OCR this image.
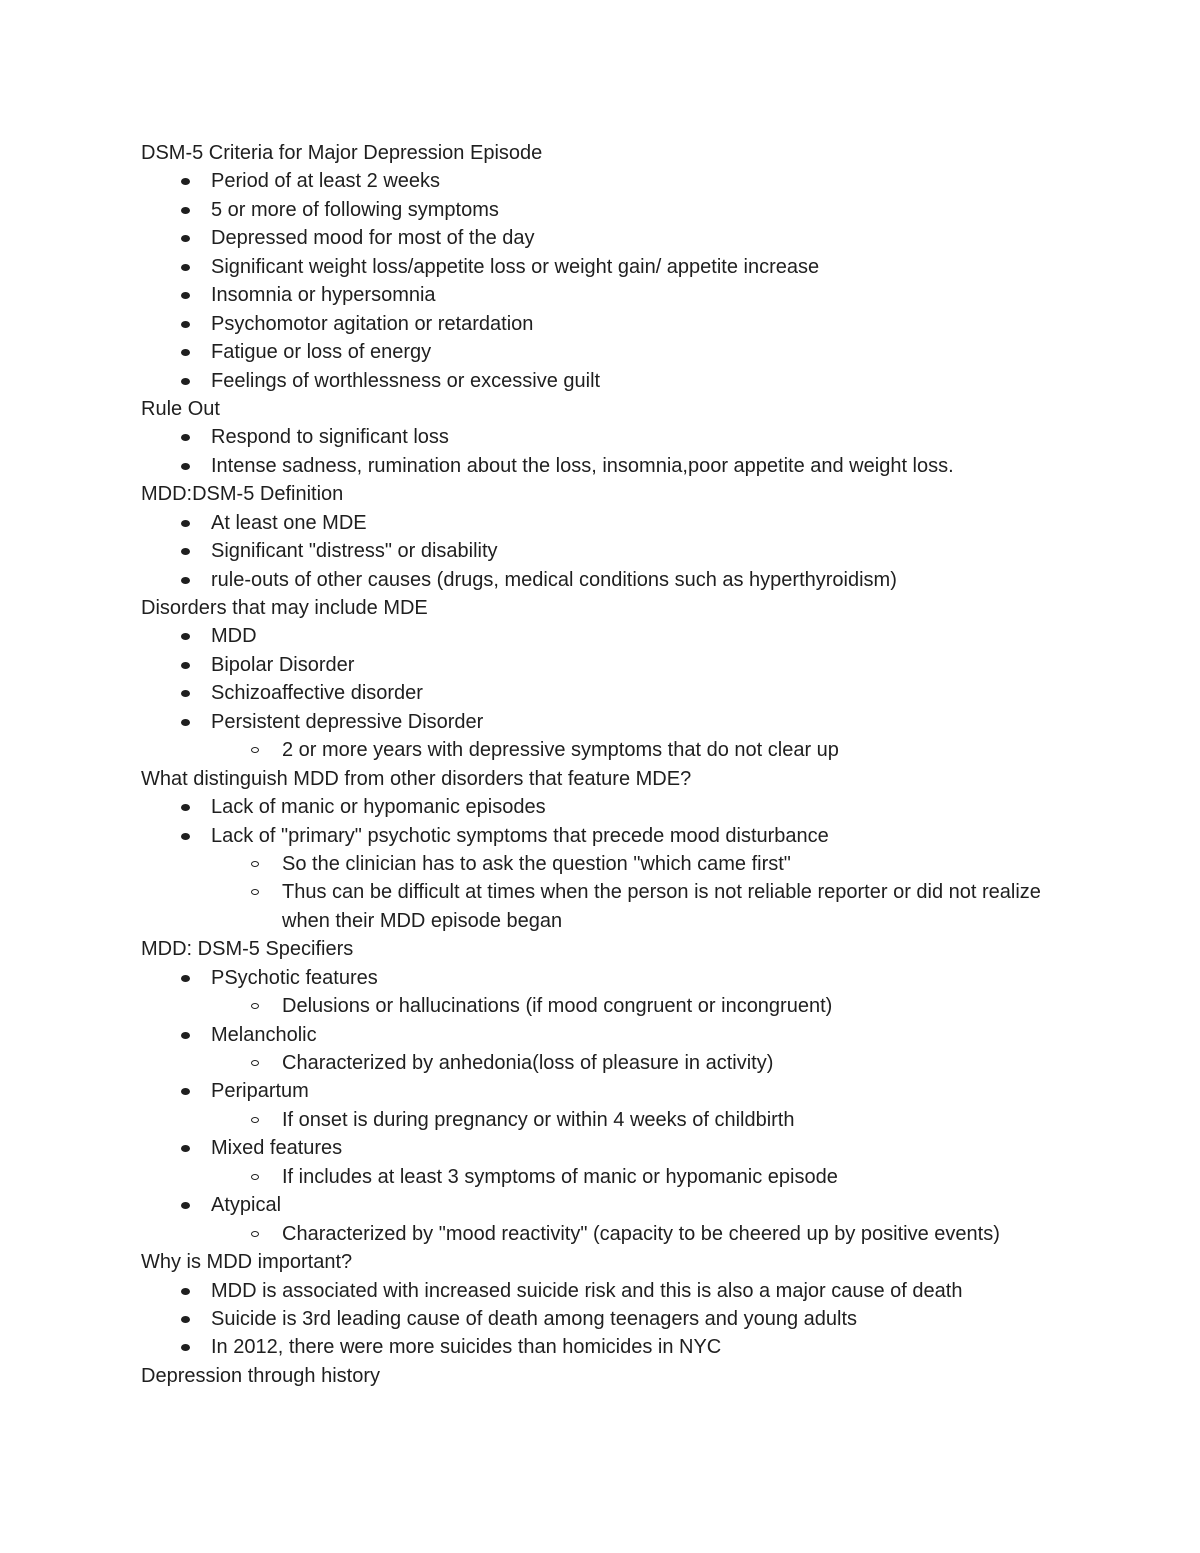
DSM-5 Criteria for Major Depression Episode
Period of at least 2 weeks
5 or more of following symptoms
Depressed mood for most of the day
Significant weight loss/appetite loss or weight gain/ appetite increase
Insomnia or hypersomnia
Psychomotor agitation or retardation
Fatigue or loss of energy
Feelings of worthlessness or excessive guilt
Rule Out
Respond to significant loss
Intense sadness, rumination about the loss, insomnia,poor appetite and weight loss.
MDD:DSM-5 Definition
At least one MDE
Significant "distress" or disability
rule-outs of other causes (drugs, medical conditions such as hyperthyroidism)
Disorders that may include MDE
MDD
Bipolar Disorder
Schizoaffective disorder
Persistent depressive Disorder
2 or more years with depressive symptoms that do not clear up
What distinguish MDD from other disorders that feature MDE?
Lack of manic or hypomanic episodes
Lack of "primary" psychotic symptoms that precede mood disturbance
So the clinician has to ask the question "which came first"
Thus can be difficult at times when the person is not reliable reporter or did not realize when their MDD episode began
MDD: DSM-5 Specifiers
PSychotic features
Delusions or hallucinations (if mood congruent or incongruent)
Melancholic
Characterized by anhedonia(loss of pleasure in activity)
Peripartum
If onset is during pregnancy or within 4 weeks of childbirth
Mixed features
If includes at least 3 symptoms of manic or hypomanic episode
Atypical
Characterized by "mood reactivity" (capacity to be cheered up by positive events)
Why is MDD important?
MDD is associated with increased suicide risk and this is also a major cause of death
Suicide is 3rd leading cause of death among teenagers and young adults
In 2012, there were more suicides than homicides in NYC
Depression through history
